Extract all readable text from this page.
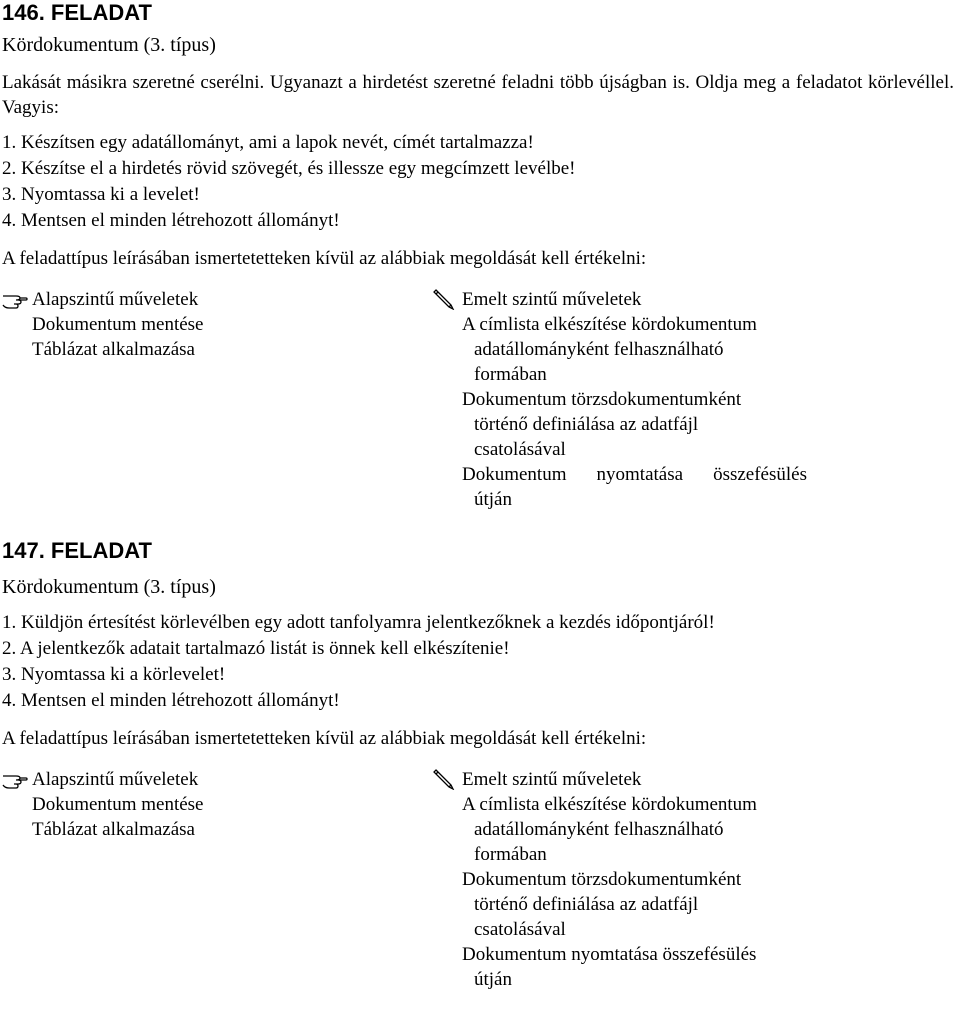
146. FELADAT
Kördokumentum (3. típus)

Lakását másikra szeretné cserélni. Ugyanazt a hirdetést szeretné feladni több újságban is. Oldja meg a feladatot körlevéllel. Vagyis:

1. Készítsen egy adatállományt, ami a lapok nevét, címét tartalmazza!
2. Készítse el a hirdetés rövid szövegét, és illessze egy megcímzett levélbe!
3. Nyomtassa ki a levelet!
4. Mentsen el minden létrehozott állományt!

A feladattípus leírásában ismertetetteken kívül az alábbiak megoldását kell értékelni:

Alapszintű műveletek
Dokumentum mentése
Táblázat alkalmazása
Emelt szintű műveletek
A címlista elkészítése kördokumentum
adatállományként felhasználható
formában
Dokumentum törzsdokumentumként
történő definiálása az adatfájl
csatolásával
Dokumentum nyomtatása összefésülés
útján
147. FELADAT
Kördokumentum (3. típus)
1. Küldjön értesítést körlevélben egy adott tanfolyamra jelentkezőknek a kezdés időpontjáról!
2. A jelentkezők adatait tartalmazó listát is önnek kell elkészítenie!
3. Nyomtassa ki a körlevelet!
4. Mentsen el minden létrehozott állományt!

A feladattípus leírásában ismertetetteken kívül az alábbiak megoldását kell értékelni:

Alapszintű műveletek
Dokumentum mentése
Táblázat alkalmazása
Emelt szintű műveletek
A címlista elkészítése kördokumentum
adatállományként felhasználható
formában
Dokumentum törzsdokumentumként
történő definiálása az adatfájl
csatolásával
Dokumentum nyomtatása összefésülés
útján
